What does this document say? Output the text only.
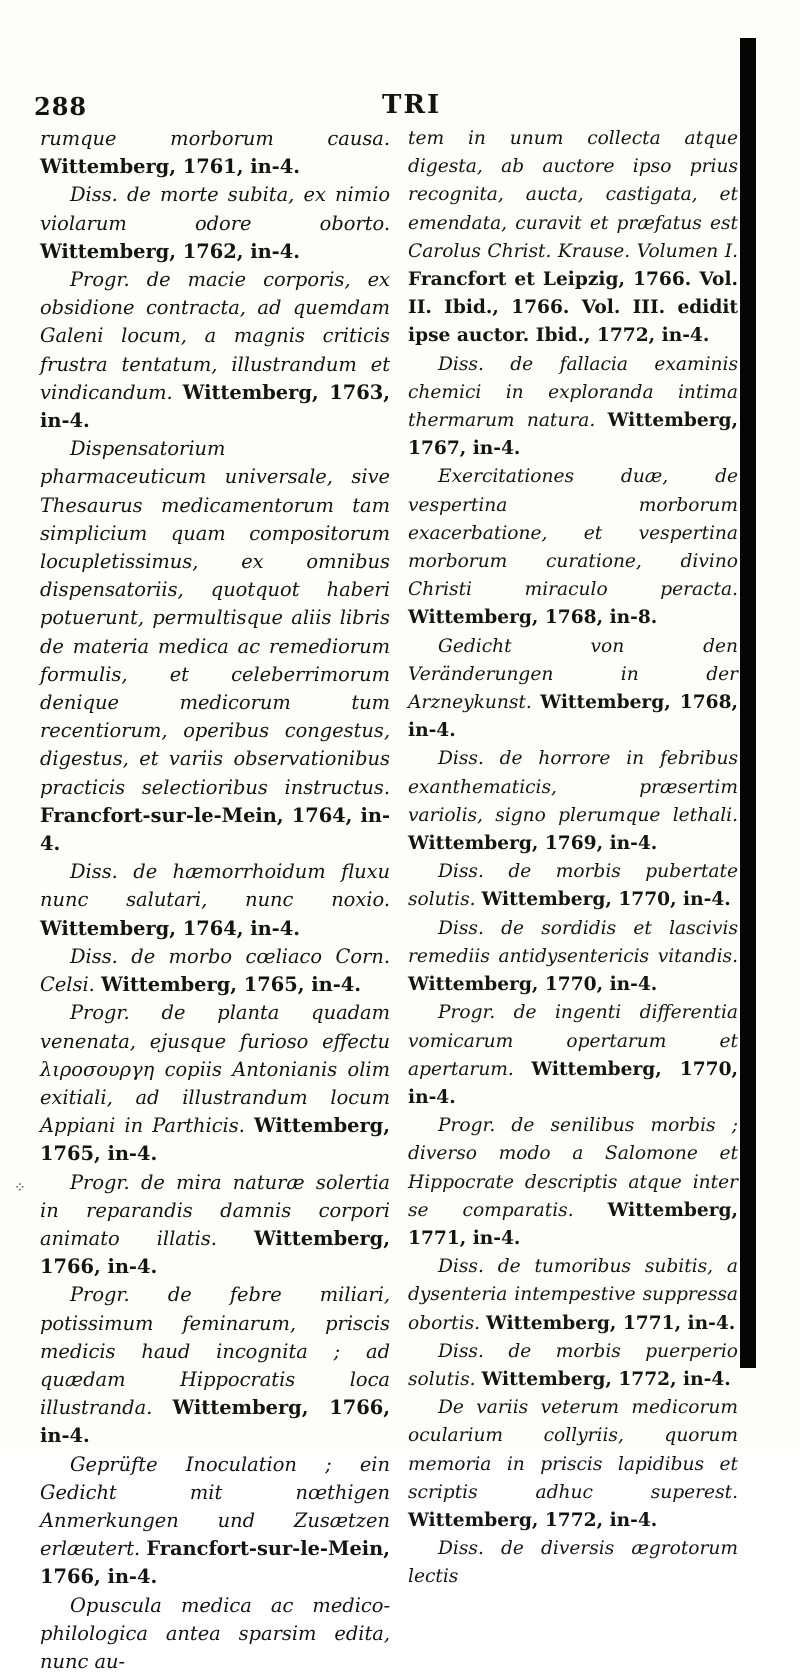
288	TRI

rumque morborum causa. Wittemberg, 1761, in-4.

Diss. de morte subita, ex nimio violarum odore oborto. Wittemberg, 1762, in-4.

Progr. de macie corporis, ex obsidione contracta, ad quemdam Galeni locum, a magnis criticis frustra tentatum, illustrandum et vindicandum. Wittemberg, 1763, in-4.

Dispensatorium pharmaceuticum universale, sive Thesaurus medicamentorum tam simplicium quam compositorum locupletissimus, ex omnibus dispensatoriis, quotquot haberi potuerunt, permultisque aliis libris de materia medica ac remediorum formulis, et celeberrimorum denique medicorum tum recentiorum, operibus congestus, digestus, et variis observationibus practicis selectioribus instructus. Francfort-sur-le-Mein, 1764, in-4.

Diss. de hæmorrhoidum fluxu nunc salutari, nunc noxio. Wittemberg, 1764, in-4.

Diss. de morbo cœliaco Corn. Celsi. Wittemberg, 1765, in-4.

Progr. de planta quadam venenata, ejusque furioso effectu λιροσουργη copiis Antonianis olim exitiali, ad illustrandum locum Appiani in Parthicis. Wittemberg, 1765, in-4.

Progr. de mira naturæ solertia in reparandis damnis corpori animato illatis. Wittemberg, 1766, in-4.

Progr. de febre miliari, potissimum feminarum, priscis medicis haud incognita ; ad quædam Hippocratis loca illustranda. Wittemberg, 1766, in-4.

Geprüfte Inoculation ; ein Gedicht mit nœthigen Anmerkungen und Zusætzen erlæutert. Francfort-sur-le-Mein, 1766, in-4.

Opuscula medica ac medico-philologica antea sparsim edita, nunc au-

tem in unum collecta atque digesta, ab auctore ipso prius recognita, aucta, castigata, et emendata, curavit et præfatus est Carolus Christ. Krause. Volumen I. Francfort et Leipzig, 1766. Vol. II. Ibid., 1766. Vol. III. edidit ipse auctor. Ibid., 1772, in-4.

Diss. de fallacia examinis chemici in exploranda intima thermarum natura. Wittemberg, 1767, in-4.

Exercitationes duæ, de vespertina morborum exacerbatione, et vespertina morborum curatione, divino Christi miraculo peracta. Wittemberg, 1768, in-8.

Gedicht von den Veränderungen in der Arzneykunst. Wittemberg, 1768, in-4.

Diss. de horrore in febribus exanthematicis, præsertim variolis, signo plerumque lethali. Wittemberg, 1769, in-4.

Diss. de morbis pubertate solutis. Wittemberg, 1770, in-4.

Diss. de sordidis et lascivis remediis antidysentericis vitandis. Wittemberg, 1770, in-4.

Progr. de ingenti differentia vomicarum opertarum et apertarum. Wittemberg, 1770, in-4.

Progr. de senilibus morbis ; diverso modo a Salomone et Hippocrate descriptis atque inter se comparatis. Wittemberg, 1771, in-4.

Diss. de tumoribus subitis, a dysenteria intempestive suppressa obortis. Wittemberg, 1771, in-4.

Diss. de morbis puerperio solutis. Wittemberg, 1772, in-4.

De variis veterum medicorum ocularium collyriis, quorum memoria in priscis lapidibus et scriptis adhuc superest. Wittemberg, 1772, in-4.

Diss. de diversis ægrotorum lectis

⁘
